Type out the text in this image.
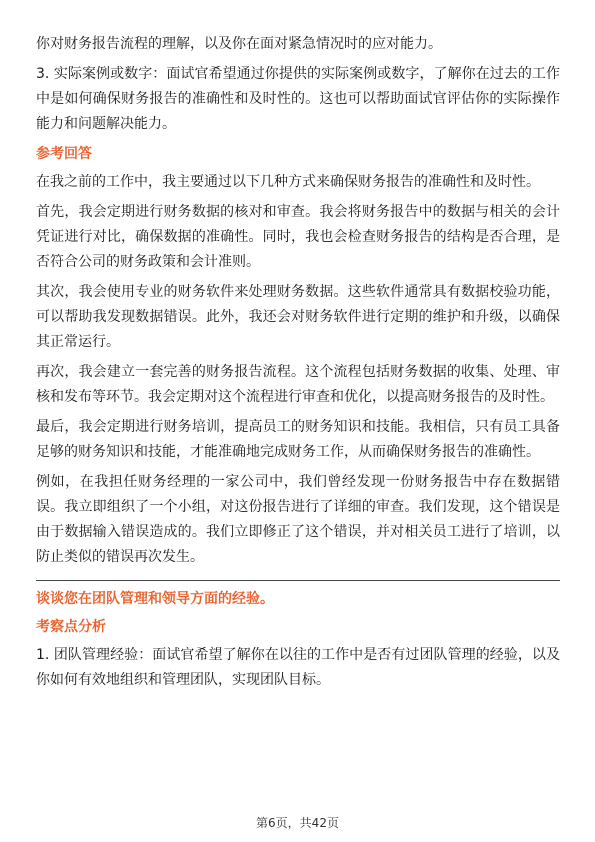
你对财务报告流程的理解，以及你在面对紧急情况时的应对能力。

3. 实际案例或数字：面试官希望通过你提供的实际案例或数字，了解你在过去的工作中是如何确保财务报告的准确性和及时性的。这也可以帮助面试官评估你的实际操作能力和问题解决能力。

参考回答

在我之前的工作中，我主要通过以下几种方式来确保财务报告的准确性和及时性。

首先，我会定期进行财务数据的核对和审查。我会将财务报告中的数据与相关的会计凭证进行对比，确保数据的准确性。同时，我也会检查财务报告的结构是否合理，是否符合公司的财务政策和会计准则。

其次，我会使用专业的财务软件来处理财务数据。这些软件通常具有数据校验功能，可以帮助我发现数据错误。此外，我还会对财务软件进行定期的维护和升级，以确保其正常运行。

再次，我会建立一套完善的财务报告流程。这个流程包括财务数据的收集、处理、审核和发布等环节。我会定期对这个流程进行审查和优化，以提高财务报告的及时性。

最后，我会定期进行财务培训，提高员工的财务知识和技能。我相信，只有员工具备足够的财务知识和技能，才能准确地完成财务工作，从而确保财务报告的准确性。

例如，在我担任财务经理的一家公司中，我们曾经发现一份财务报告中存在数据错误。我立即组织了一个小组，对这份报告进行了详细的审查。我们发现，这个错误是由于数据输入错误造成的。我们立即修正了这个错误，并对相关员工进行了培训，以防止类似的错误再次发生。

谈谈您在团队管理和领导方面的经验。
考察点分析

1. 团队管理经验：面试官希望了解你在以往的工作中是否有过团队管理的经验，以及你如何有效地组织和管理团队，实现团队目标。

第6页，共42页
